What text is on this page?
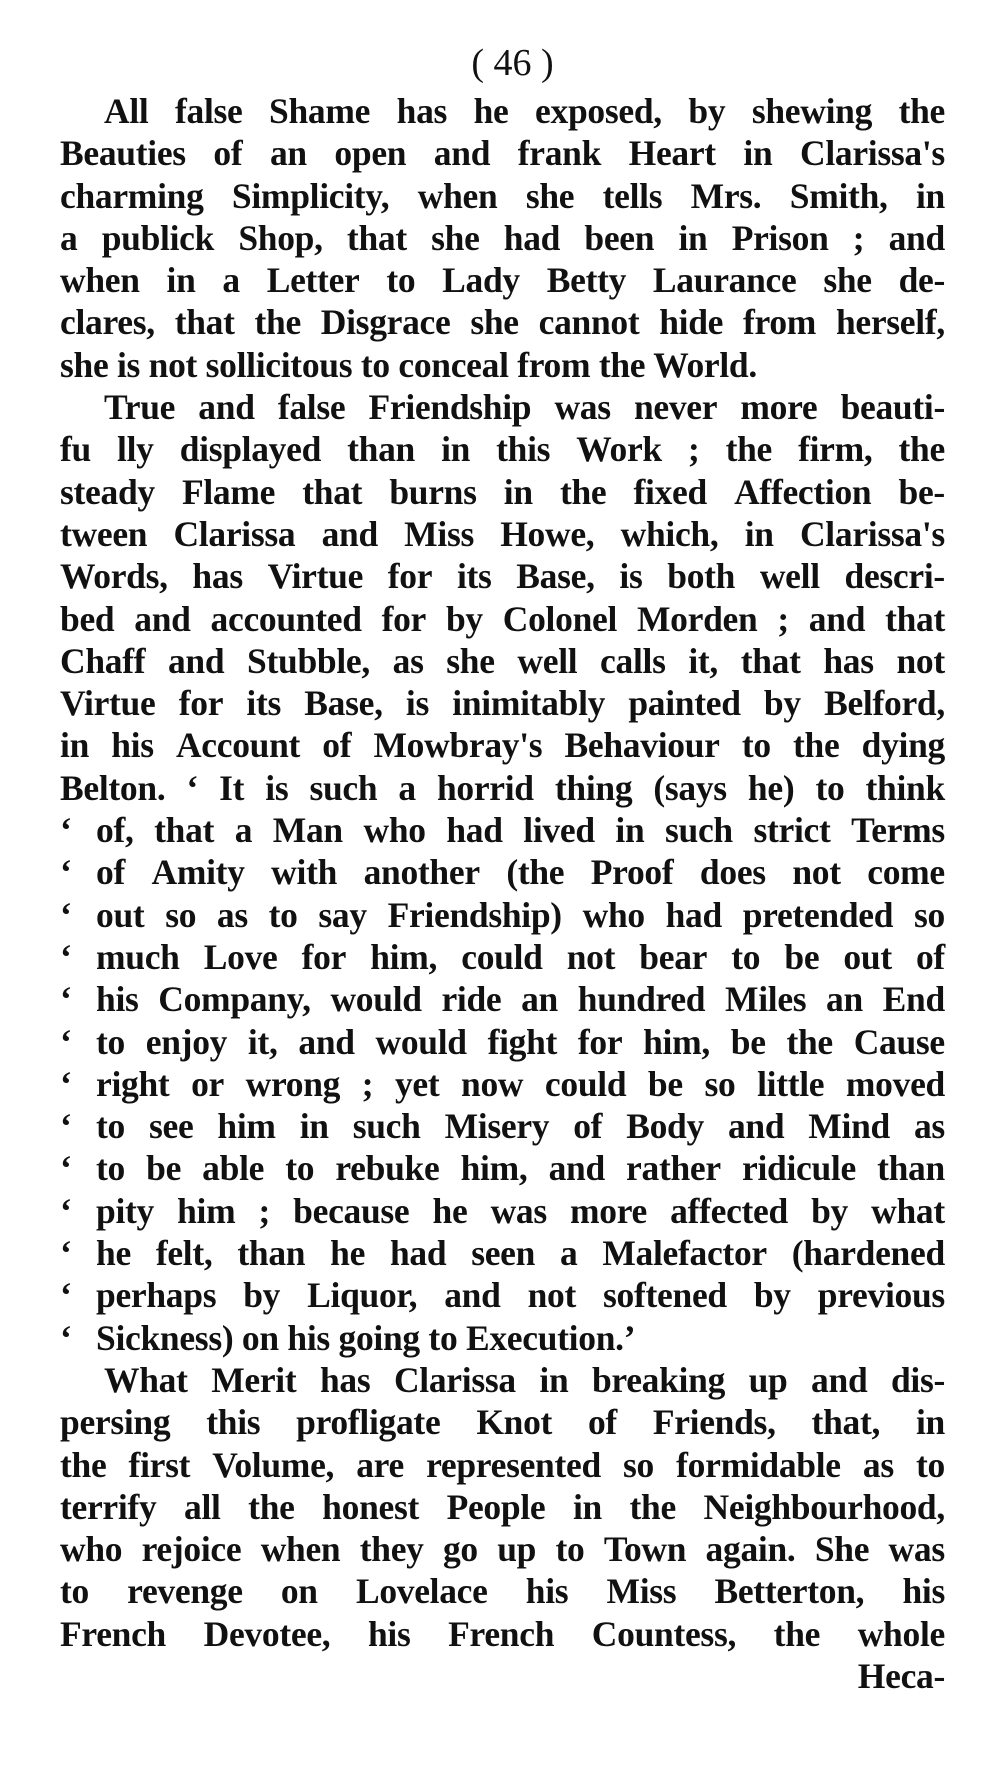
( 46 )
All false Shame has he exposed, by shewing the
Beauties of an open and frank Heart in Clarissa's
charming Simplicity, when she tells Mrs. Smith, in
a publick Shop, that she had been in Prison ; and
when in a Letter to Lady Betty Laurance she de-
clares, that the Disgrace she cannot hide from herself,
she is not sollicitous to conceal from the World.
True and false Friendship was never more beauti-
fu lly displayed than in this Work ; the firm, the
steady Flame that burns in the fixed Affection be-
tween Clarissa and Miss Howe, which, in Clarissa's
Words, has Virtue for its Base, is both well descri-
bed and accounted for by Colonel Morden ; and that
Chaff and Stubble, as she well calls it, that has not
Virtue for its Base, is inimitably painted by Belford,
in his Account of Mowbray's Behaviour to the dying
Belton. ‘ It is such a horrid thing (says he) to think
‘ of, that a Man who had lived in such strict Terms
‘ of Amity with another (the Proof does not come
‘ out so as to say Friendship) who had pretended so
‘ much Love for him, could not bear to be out of
‘ his Company, would ride an hundred Miles an End
‘ to enjoy it, and would fight for him, be the Cause
‘ right or wrong ; yet now could be so little moved
‘ to see him in such Misery of Body and Mind as
‘ to be able to rebuke him, and rather ridicule than
‘ pity him ; because he was more affected by what
‘ he felt, than he had seen a Malefactor (hardened
‘ perhaps by Liquor, and not softened by previous
‘ Sickness) on his going to Execution.’
What Merit has Clarissa in breaking up and dis-
persing this profligate Knot of Friends, that, in
the first Volume, are represented so formidable as to
terrify all the honest People in the Neighbourhood,
who rejoice when they go up to Town again. She was
to revenge on Lovelace his Miss Betterton, his
French Devotee, his French Countess, the whole
Heca-
